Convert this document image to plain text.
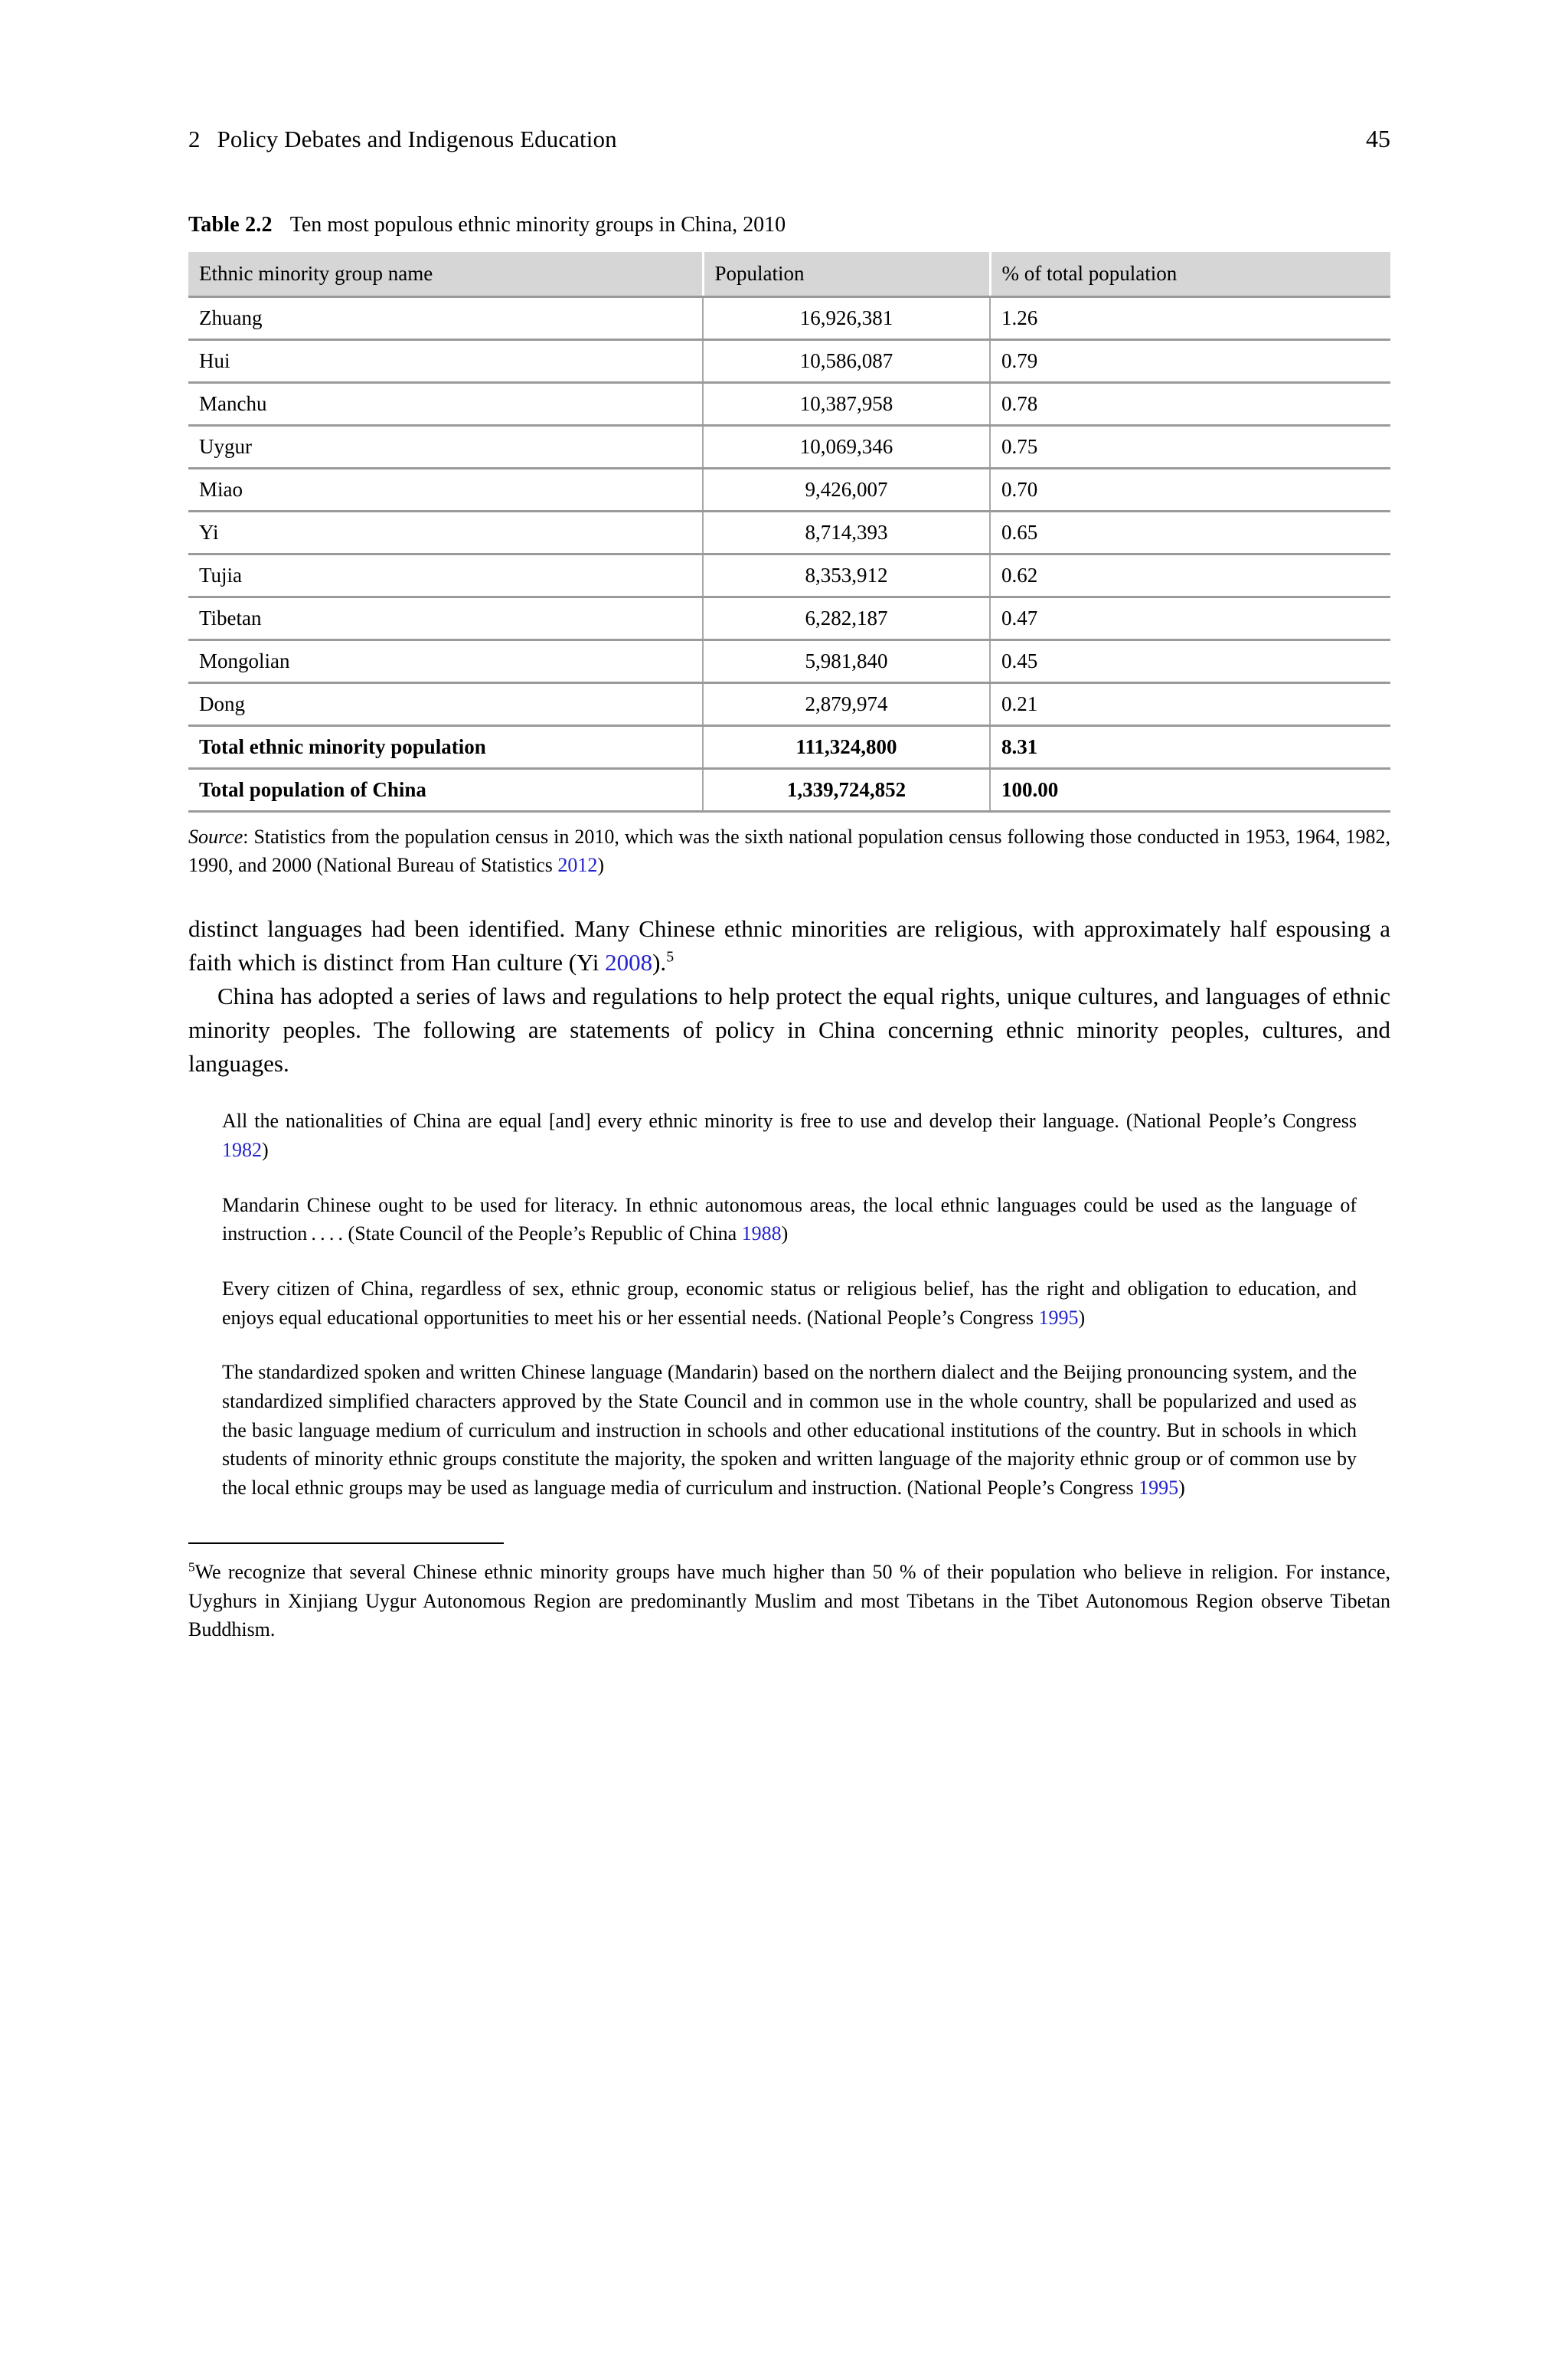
2 Policy Debates and Indigenous Education	45
Table 2.2 Ten most populous ethnic minority groups in China, 2010
Ethnic minority group name	Population	% of total population
Zhuang	16,926,381	1.26
Hui	10,586,087	0.79
Manchu	10,387,958	0.78
Uygur	10,069,346	0.75
Miao	9,426,007	0.70
Yi	8,714,393	0.65
Tujia	8,353,912	0.62
Tibetan	6,282,187	0.47
Mongolian	5,981,840	0.45
Dong	2,879,974	0.21
Total ethnic minority population	111,324,800	8.31
Total population of China	1,339,724,852	100.00
Source: Statistics from the population census in 2010, which was the sixth national population census following those conducted in 1953, 1964, 1982, 1990, and 2000 (National Bureau of Statistics 2012)

distinct languages had been identified. Many Chinese ethnic minorities are religious, with approximately half espousing a faith which is distinct from Han culture (Yi 2008).$^5$

China has adopted a series of laws and regulations to help protect the equal rights, unique cultures, and languages of ethnic minority peoples. The following are statements of policy in China concerning ethnic minority peoples, cultures, and languages.

All the nationalities of China are equal [and] every ethnic minority is free to use and develop their language. (National People’s Congress 1982)
Mandarin Chinese ought to be used for literacy. In ethnic autonomous areas, the local ethnic languages could be used as the language of instruction . . . . (State Council of the People’s Republic of China 1988)
Every citizen of China, regardless of sex, ethnic group, economic status or religious belief, has the right and obligation to education, and enjoys equal educational opportunities to meet his or her essential needs. (National People’s Congress 1995)
The standardized spoken and written Chinese language (Mandarin) based on the northern dialect and the Beijing pronouncing system, and the standardized simplified characters approved by the State Council and in common use in the whole country, shall be popularized and used as the basic language medium of curriculum and instruction in schools and other educational institutions of the country. But in schools in which students of minority ethnic groups constitute the majority, the spoken and written language of the majority ethnic group or of common use by the local ethnic groups may be used as language media of curriculum and instruction. (National People’s Congress 1995)
$^5$We recognize that several Chinese ethnic minority groups have much higher than 50 % of their population who believe in religion. For instance, Uyghurs in Xinjiang Uygur Autonomous Region are predominantly Muslim and most Tibetans in the Tibet Autonomous Region observe Tibetan Buddhism.
